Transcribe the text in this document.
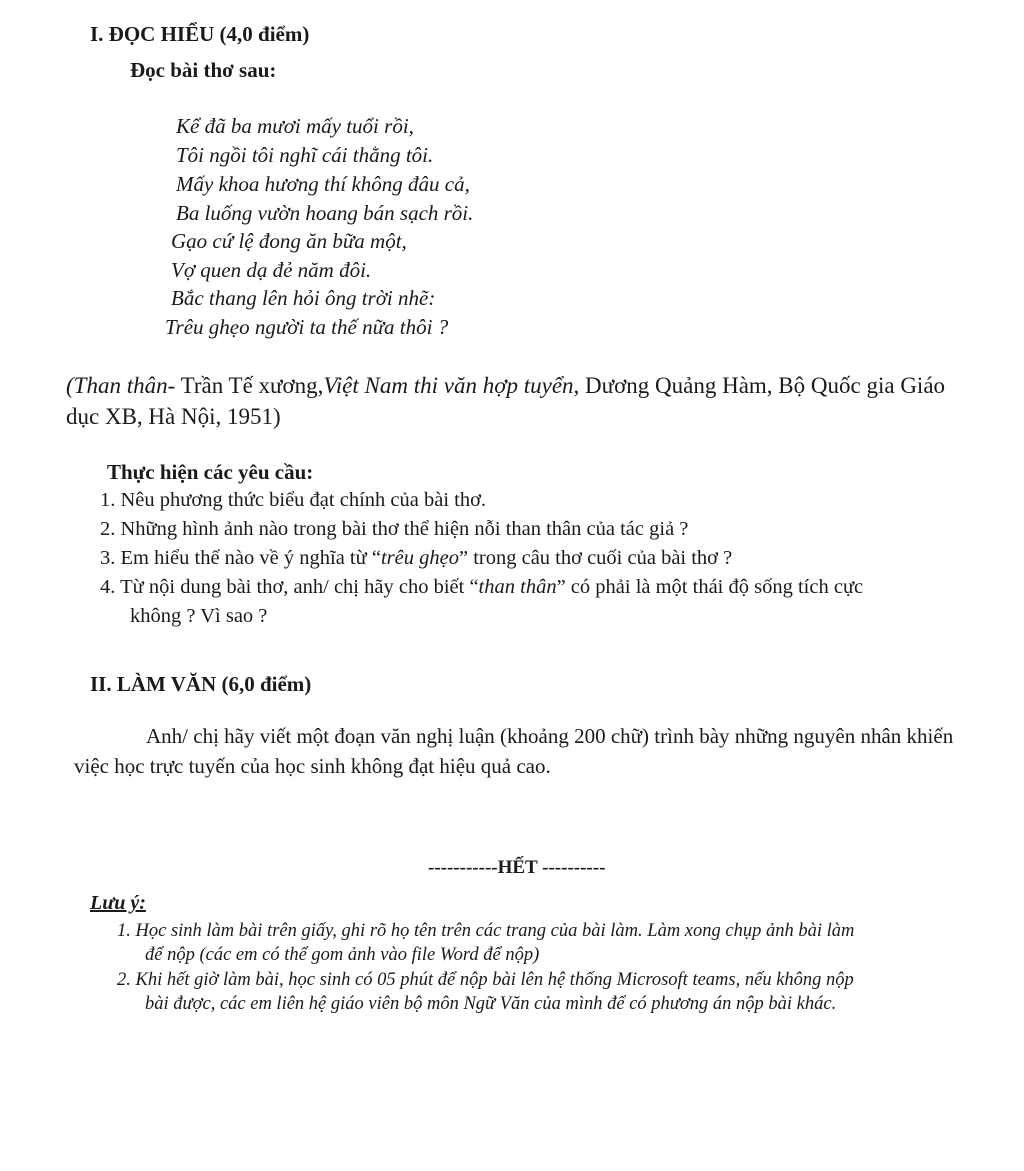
I. ĐỌC HIỂU (4,0 điểm)
Đọc bài thơ sau:
Kể đã ba mươi mấy tuổi rồi,
Tôi ngồi tôi nghĩ cái thằng tôi.
Mấy khoa hương thí không đâu cả,
Ba luống vườn hoang bán sạch rồi.
Gạo cứ lệ đong ăn bữa một,
Vợ quen dạ đẻ năm đôi.
Bắc thang lên hỏi ông trời nhẽ:
Trêu ghẹo người ta thế nữa thôi ?
(Than thân- Trần Tế xương,Việt Nam thi văn hợp tuyển, Dương Quảng Hàm, Bộ Quốc gia Giáo dục XB, Hà Nội, 1951)
Thực hiện các yêu cầu:
1. Nêu phương thức biểu đạt chính của bài thơ.
2. Những hình ảnh nào trong bài thơ thể hiện nỗi than thân của tác giả ?
3. Em hiểu thế nào về ý nghĩa từ “trêu ghẹo” trong câu thơ cuối của bài thơ ?
4. Từ nội dung bài thơ, anh/ chị hãy cho biết “than thân” có phải là một thái độ sống tích cực
không ? Vì sao ?
II. LÀM VĂN (6,0 điểm)
Anh/ chị hãy viết một đoạn văn nghị luận (khoảng 200 chữ) trình bày những nguyên nhân khiến việc học trực tuyến của học sinh không đạt hiệu quả cao.
-----------HẾT ----------
Lưu ý:
1. Học sinh làm bài trên giấy, ghi rõ họ tên trên các trang của bài làm. Làm xong chụp ảnh bài làm
để nộp (các em có thể gom ảnh vào file Word để nộp)
2. Khi hết giờ làm bài, học sinh có 05 phút để nộp bài lên hệ thống Microsoft teams, nếu không nộp
bài được, các em liên hệ giáo viên bộ môn Ngữ Văn của mình để có phương án nộp bài khác.
